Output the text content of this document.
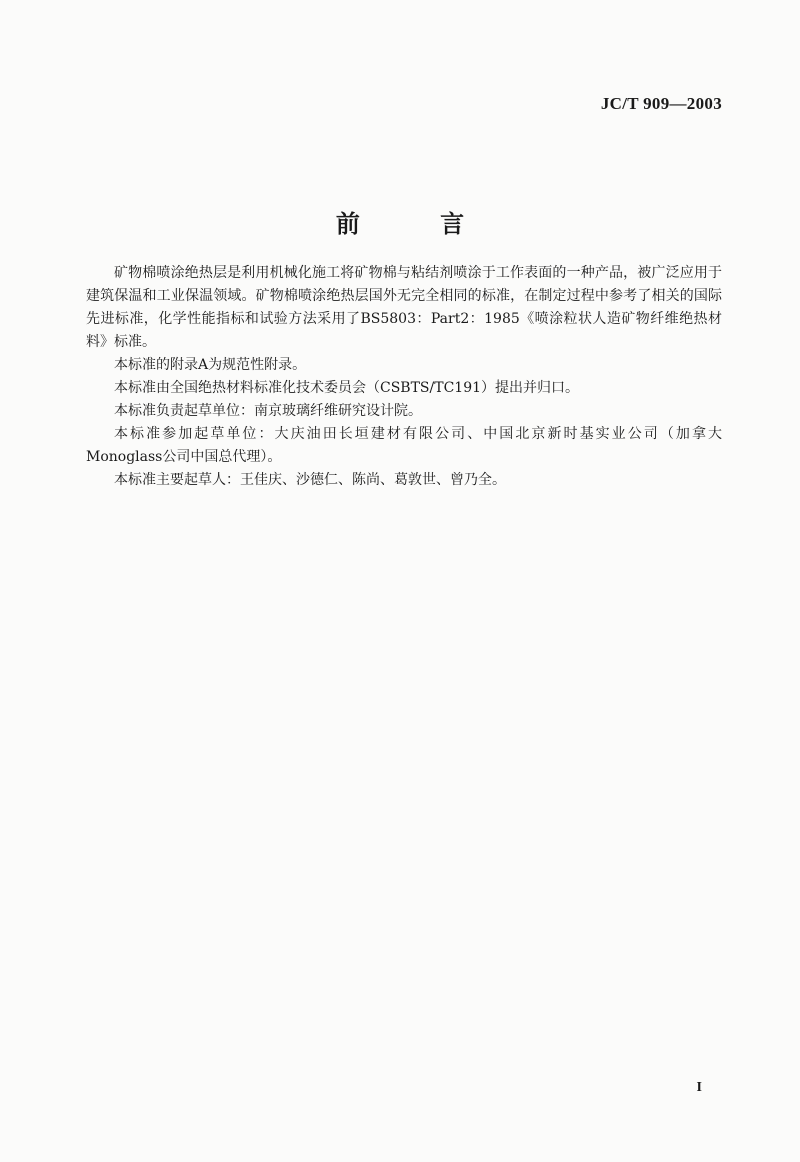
JC/T 909—2003
前 言

矿物棉喷涂绝热层是利用机械化施工将矿物棉与粘结剂喷涂于工作表面的一种产品，被广泛应用于建筑保温和工业保温领域。矿物棉喷涂绝热层国外无完全相同的标准，在制定过程中参考了相关的国际先进标准，化学性能指标和试验方法采用了BS5803：Part2：1985《喷涂粒状人造矿物纤维绝热材料》标准。

本标准的附录A为规范性附录。

本标准由全国绝热材料标准化技术委员会（CSBTS/TC191）提出并归口。

本标准负责起草单位：南京玻璃纤维研究设计院。

本标准参加起草单位：大庆油田长垣建材有限公司、中国北京新时基实业公司（加拿大Monoglass公司中国总代理）。

本标准主要起草人：王佳庆、沙德仁、陈尚、葛敦世、曾乃全。

I
